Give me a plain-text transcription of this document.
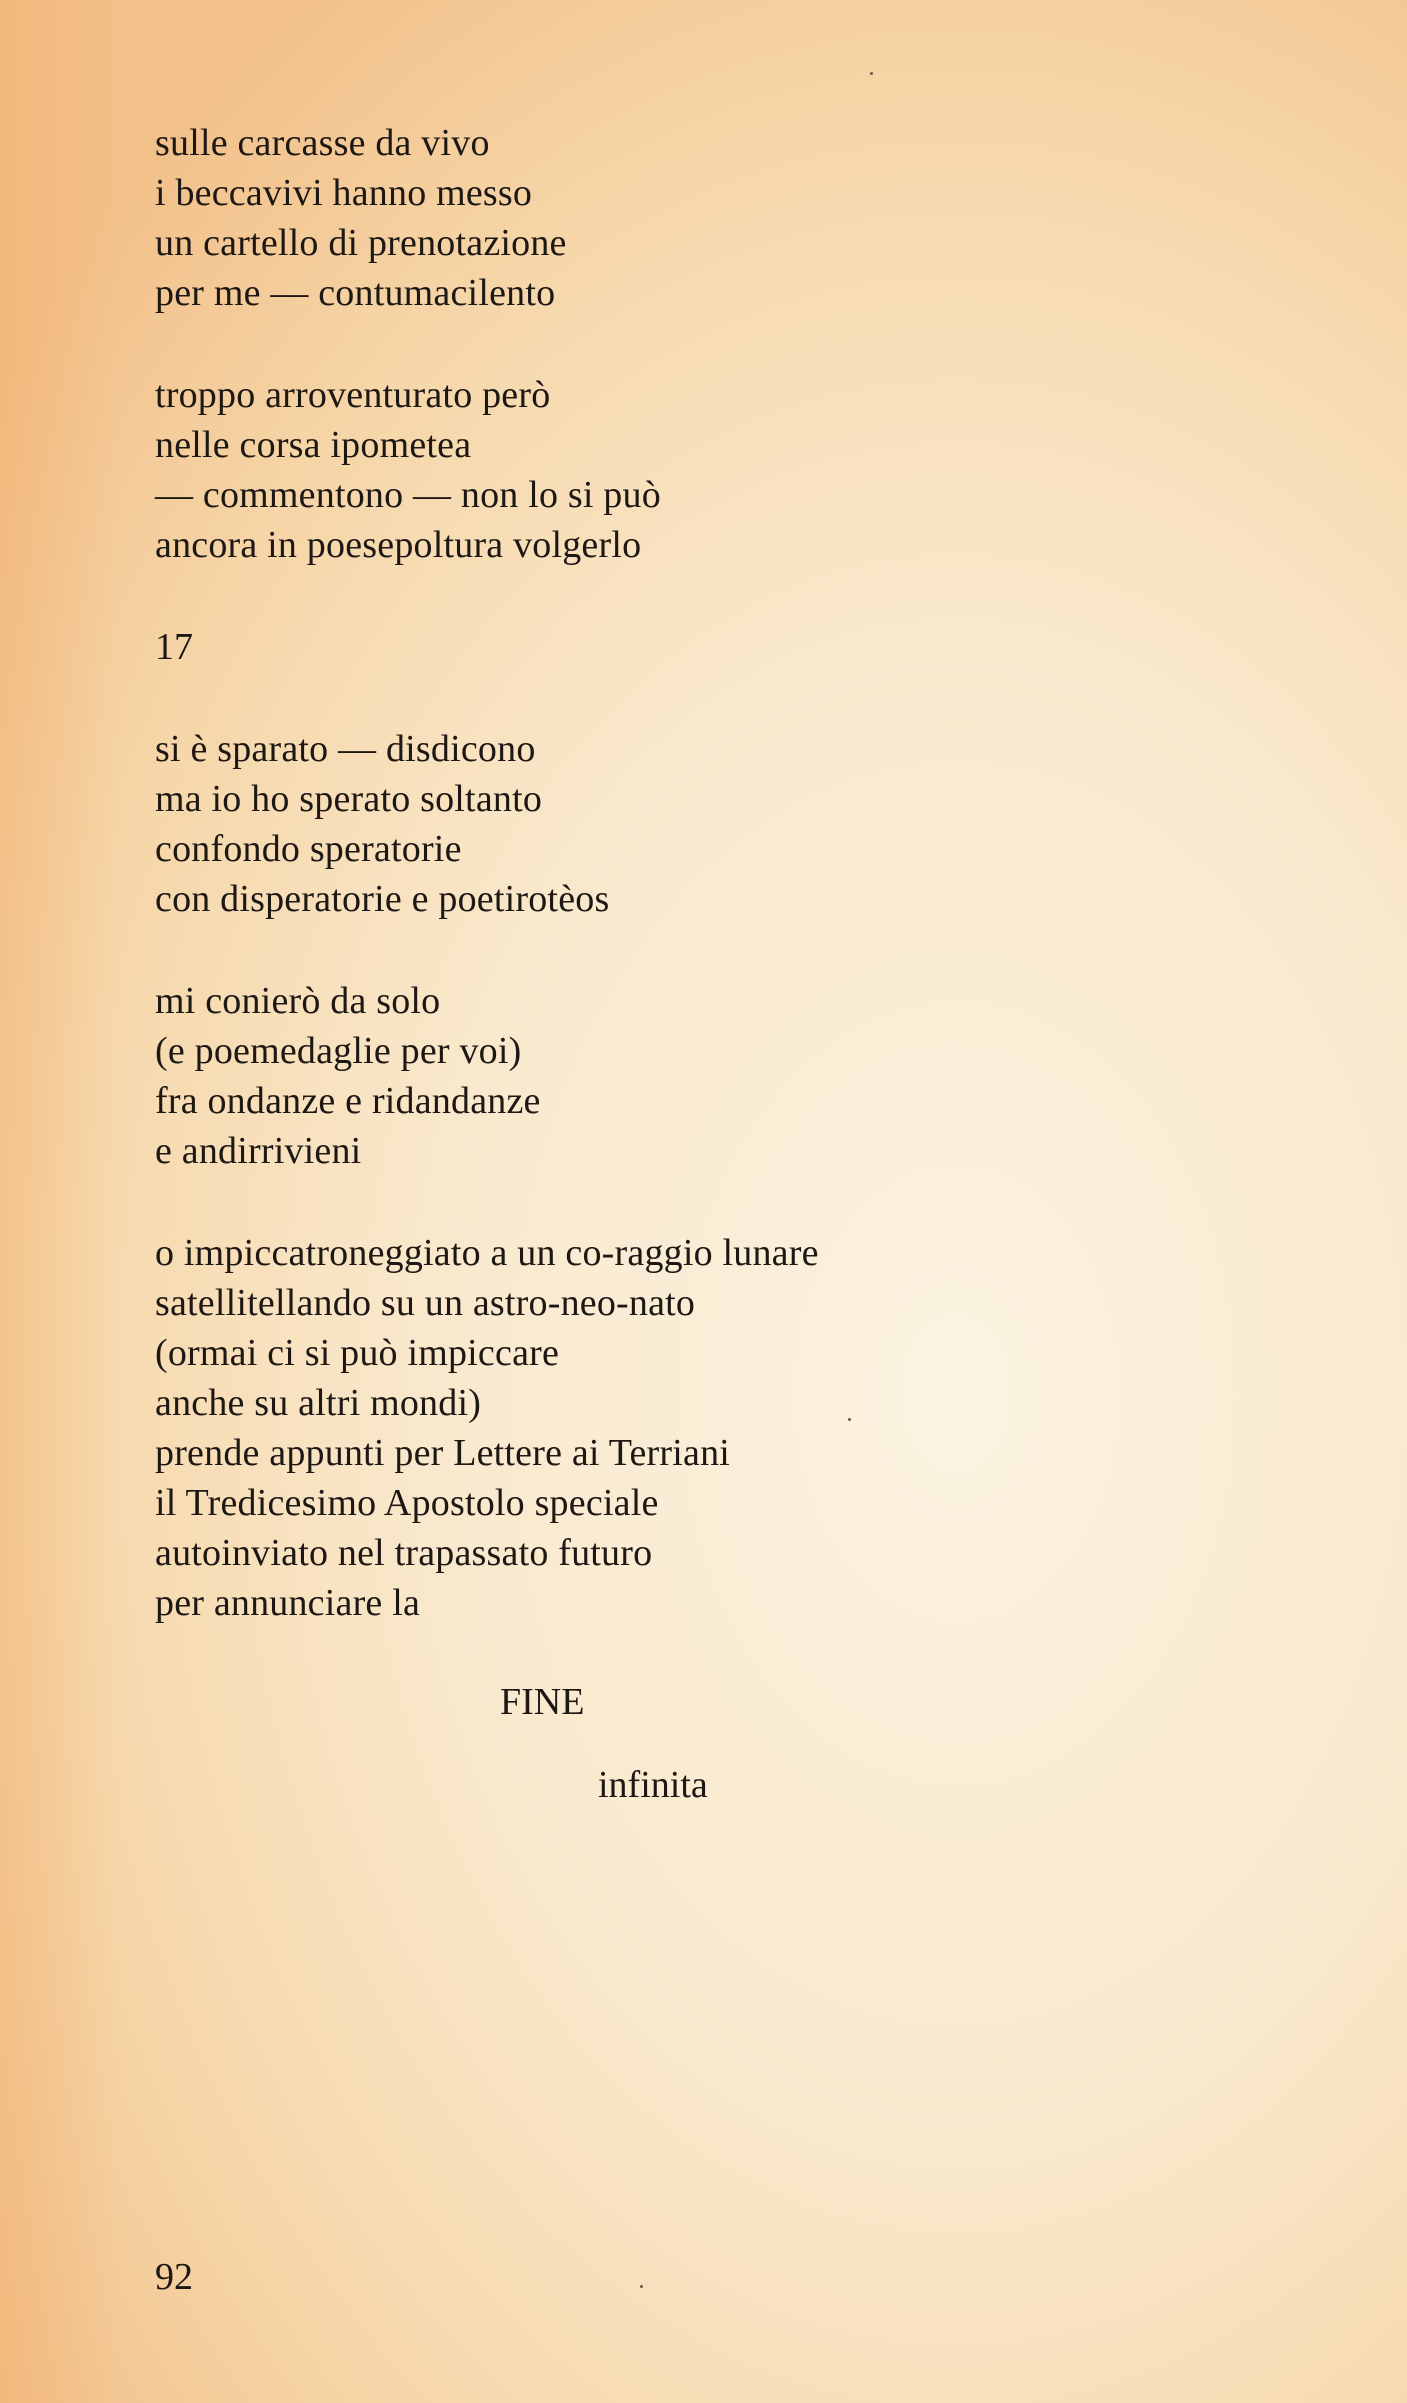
sulle carcasse da vivo
i beccavivi hanno messo
un cartello di prenotazione
per me — contumacilento
troppo arroventurato però
nelle corsa ipometea
— commentono — non lo si può
ancora in poesepoltura volgerlo
17
si è sparato — disdicono
ma io ho sperato soltanto
confondo speratorie
con disperatorie e poetirotèos
mi conierò da solo
(e poemedaglie per voi)
fra ondanze e ridandanze
e andirrivieni
o impiccatroneggiato a un co-raggio lunare
satellitellando su un astro-neo-nato
(ormai ci si può impiccare
anche su altri mondi)
prende appunti per Lettere ai Terriani
il Tredicesimo Apostolo speciale
autoinviato nel trapassato futuro
per annunciare la
FINE
infinita
92
